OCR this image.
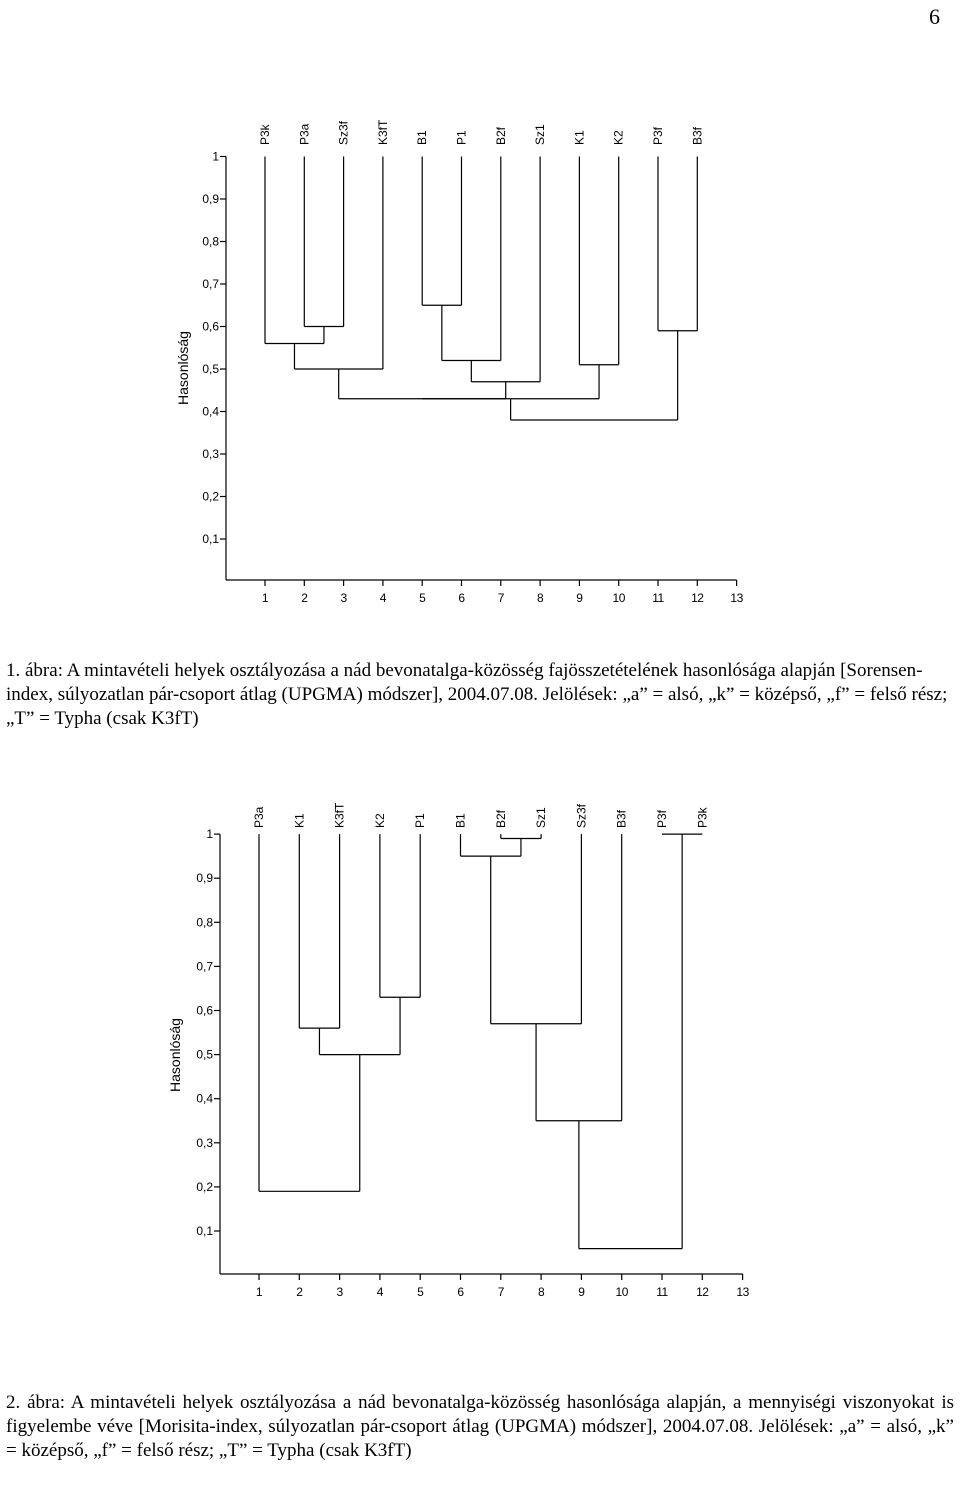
6
0,1
0,2
0,3
0,4
0,5
0,6
0,7
0,8
0,9
1
Hasonlóság
1	2	3	4	5	6	7	8	9	10 11 12 13
P3k P3a Sz3f K3fT B1 P1 B2f Sz1 K1 K2 P3f B3f

1. ábra: A mintavételi helyek osztályozása a nád bevonatalga-közösség fajösszetételének hasonlósága alapján [Sorensen-index, súlyozatlan pár-csoport átlag (UPGMA) módszer], 2004.07.08. Jelölések: „a” = alsó, „k” = középső, „f” = felső rész; „T” = Typha (csak K3fT)

0,1
0,2
0,3
0,4
0,5
0,6
0,7
0,8
0,9
1
Hasonlóság
1	2	3	4	5	6	7	8	9	10 11 12 13
P3a K1 K3fT K2 P1 B1 B2f Sz1 Sz3f B3f P3f P3k

2. ábra: A mintavételi helyek osztályozása a nád bevonatalga-közösség hasonlósága alapján, a mennyiségi viszonyokat is figyelembe véve [Morisita-index, súlyozatlan pár-csoport átlag (UPGMA) módszer], 2004.07.08. Jelölések: „a” = alsó, „k” = középső, „f” = felső rész; „T” = Typha (csak K3fT)
